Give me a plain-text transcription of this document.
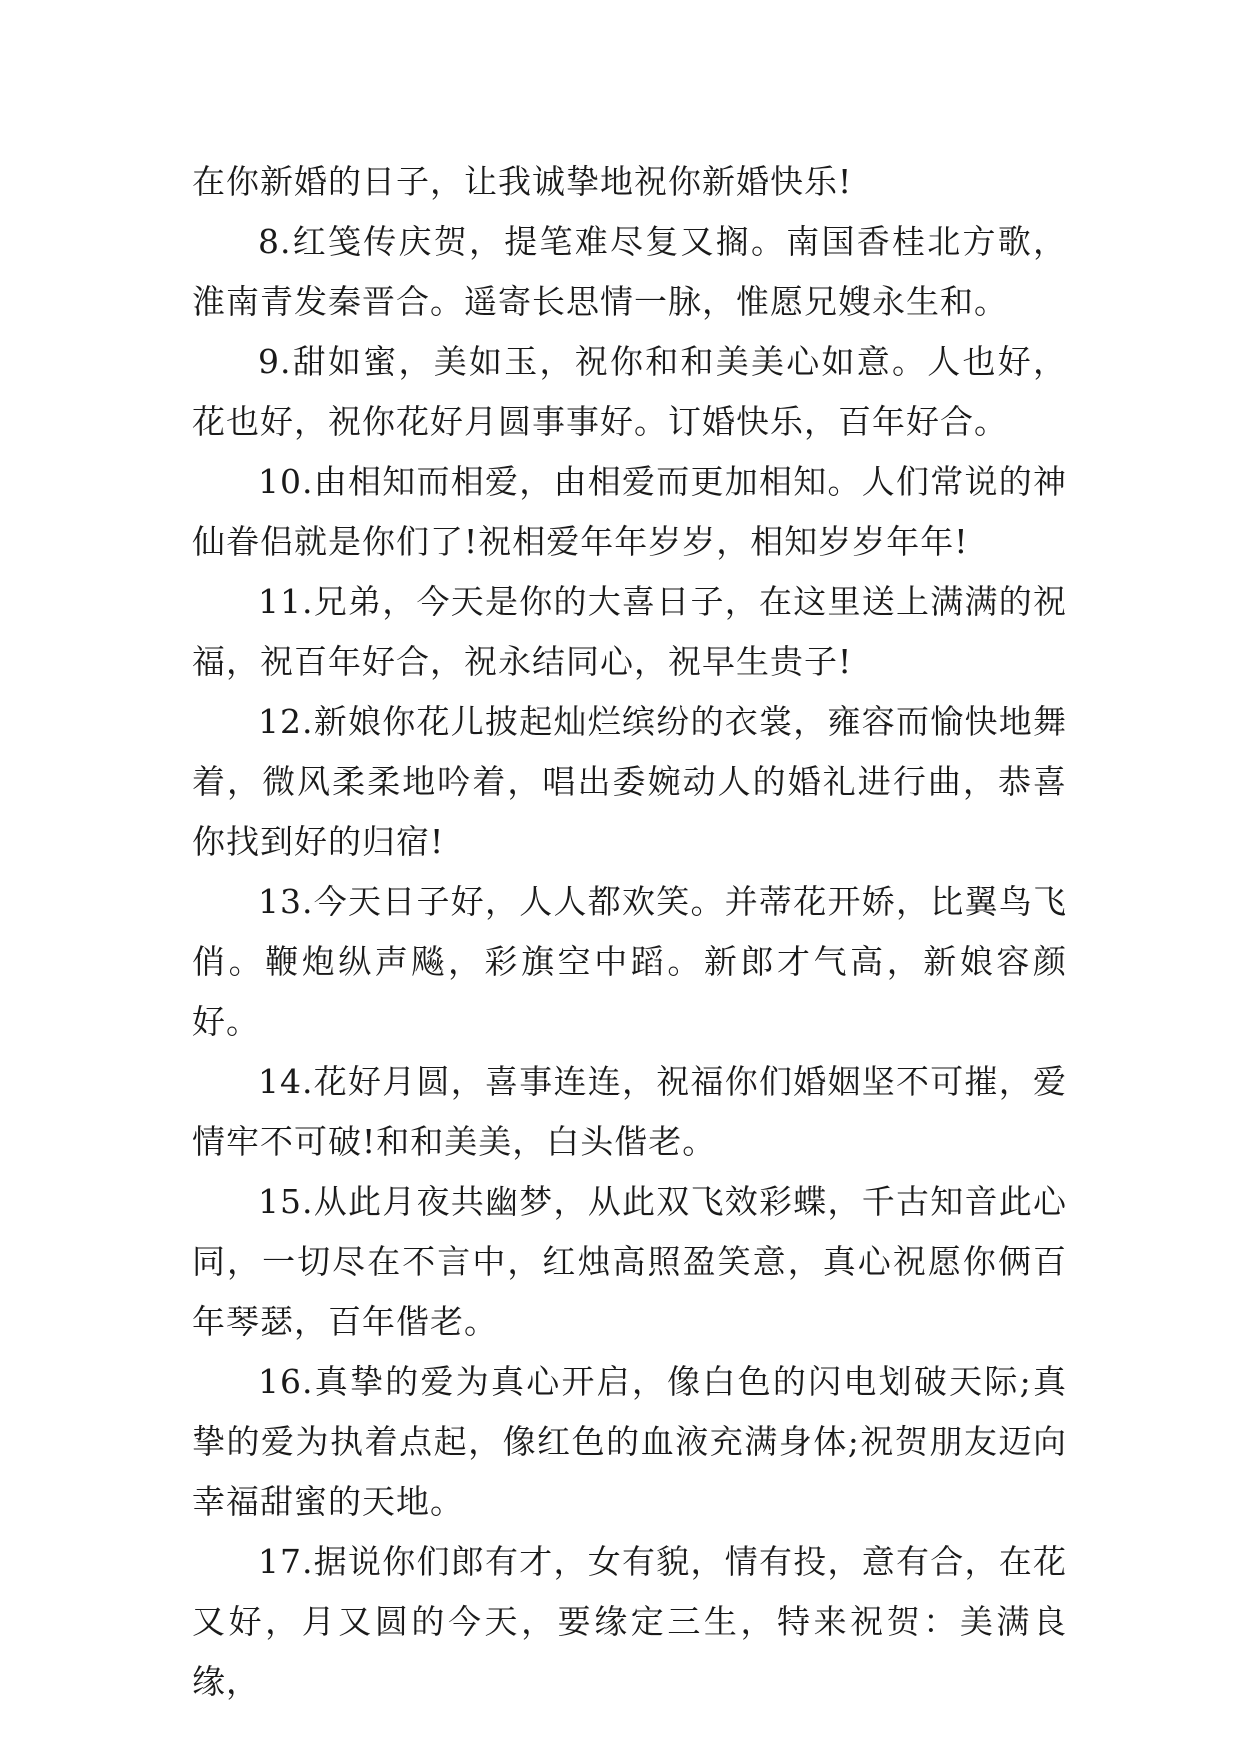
在你新婚的日子，让我诚挚地祝你新婚快乐!

8.红笺传庆贺，提笔难尽复又搁。南国香桂北方歌，淮南青发秦晋合。遥寄长思情一脉，惟愿兄嫂永生和。

9.甜如蜜，美如玉，祝你和和美美心如意。人也好，花也好，祝你花好月圆事事好。订婚快乐，百年好合。

10.由相知而相爱，由相爱而更加相知。人们常说的神仙眷侣就是你们了!祝相爱年年岁岁，相知岁岁年年!

11.兄弟，今天是你的大喜日子，在这里送上满满的祝福，祝百年好合，祝永结同心，祝早生贵子!

12.新娘你花儿披起灿烂缤纷的衣裳，雍容而愉快地舞着，微风柔柔地吟着，唱出委婉动人的婚礼进行曲，恭喜你找到好的归宿!

13.今天日子好，人人都欢笑。并蒂花开娇，比翼鸟飞俏。鞭炮纵声飚，彩旗空中蹈。新郎才气高，新娘容颜好。

14.花好月圆，喜事连连，祝福你们婚姻坚不可摧，爱情牢不可破!和和美美，白头偕老。

15.从此月夜共幽梦，从此双飞效彩蝶，千古知音此心同，一切尽在不言中，红烛高照盈笑意，真心祝愿你俩百年琴瑟，百年偕老。

16.真挚的爱为真心开启，像白色的闪电划破天际;真挚的爱为执着点起，像红色的血液充满身体;祝贺朋友迈向幸福甜蜜的天地。

17.据说你们郎有才，女有貌，情有投，意有合，在花又好，月又圆的今天，要缘定三生，特来祝贺：美满良缘，
